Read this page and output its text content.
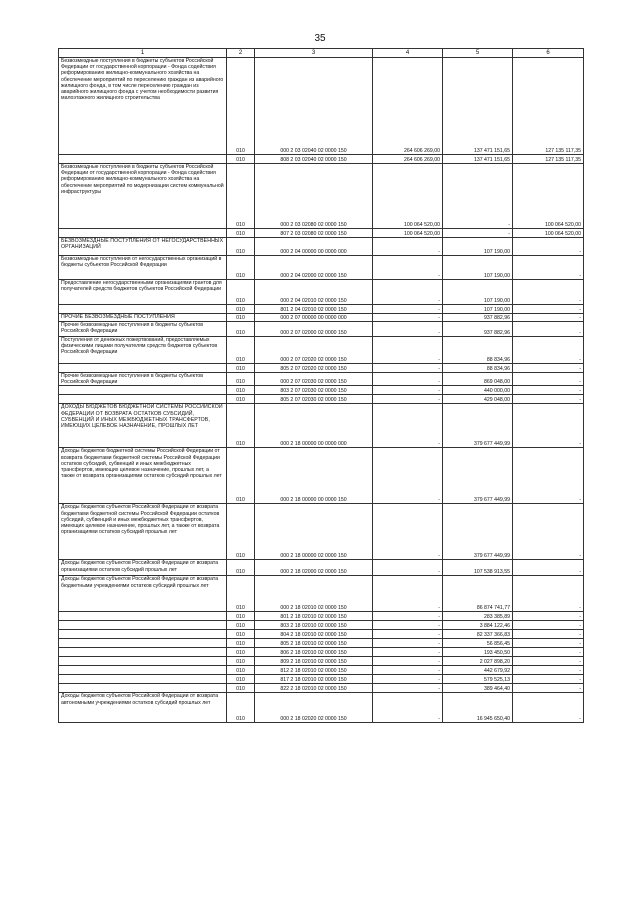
35
1	2	3	4	5	6
Безвозмездные поступления в бюджеты субъектов Российской Федерации от государственной корпорации - Фонда содействия реформированию жилищно-коммунального хозяйства на обеспечение мероприятий по переселению граждан из аварийного жилищного фонда, в том числе переселению граждан из аварийного жилищного фонда с учетом необходимости развития малоэтажного жилищного строительства	010	000 2 03 02040 02 0000 150	264 606 269,00	137 471 151,65	127 135 117,35
	010	808 2 03 02040 02 0000 150	264 606 269,00	137 471 151,65	127 135 117,35
Безвозмездные поступления в бюджеты субъектов Российской Федерации от государственной корпорации - Фонда содействия реформированию жилищно-коммунального хозяйства на обеспечение мероприятий по модернизации систем коммунальной инфраструктуры	010	000 2 03 02080 02 0000 150	100 064 520,00	-	100 064 520,00
	010	807 2 03 02080 02 0000 150	100 064 520,00	-	100 064 520,00
БЕЗВОЗМЕЗДНЫЕ ПОСТУПЛЕНИЯ ОТ НЕГОСУДАРСТВЕННЫХ ОРГАНИЗАЦИЙ	010	000 2 04 00000 00 0000 000	-	107 190,00	-
Безвозмездные поступления от негосударственных организаций в бюджеты субъектов Российской Федерации	010	000 2 04 02000 02 0000 150	-	107 190,00	-
Предоставление негосударственными организациями грантов для получателей средств бюджетов субъектов Российской Федерации	010	000 2 04 02010 02 0000 150	-	107 190,00	-
	010	801 2 04 02010 02 0000 150	-	107 190,00	-
ПРОЧИЕ БЕЗВОЗМЕЗДНЫЕ ПОСТУПЛЕНИЯ	010	000 2 07 00000 00 0000 000	-	937 882,96	-
Прочие безвозмездные поступления в бюджеты субъектов Российской Федерации	010	000 2 07 02000 02 0000 150	-	937 882,96	-
Поступления от денежных пожертвований, предоставляемых физическими лицами получателям средств бюджетов субъектов Российской Федерации	010	000 2 07 02020 02 0000 150	-	88 834,96	-
	010	805 2 07 02020 02 0000 150	-	88 834,96	-
Прочие безвозмездные поступления в бюджеты субъектов Российской Федерации	010	000 2 07 02030 02 0000 150	-	869 048,00	-
	010	803 2 07 02030 02 0000 150	-	440 000,00	-
	010	805 2 07 02030 02 0000 150	-	429 048,00	-
ДОХОДЫ БЮДЖЕТОВ БЮДЖЕТНОЙ СИСТЕМЫ РОССИЙСКОЙ ФЕДЕРАЦИИ ОТ ВОЗВРАТА ОСТАТКОВ СУБСИДИЙ, СУБВЕНЦИЙ И ИНЫХ МЕЖБЮДЖЕТНЫХ ТРАНСФЕРТОВ, ИМЕЮЩИХ ЦЕЛЕВОЕ НАЗНАЧЕНИЕ, ПРОШЛЫХ ЛЕТ	010	000 2 18 00000 00 0000 000	-	379 677 449,99	-
Доходы бюджетов бюджетной системы Российской Федерации от возврата бюджетами бюджетной системы Российской Федерации остатков субсидий, субвенций и иных межбюджетных трансфертов, имеющих целевое назначение, прошлых лет, а также от возврата организациями остатков субсидий прошлых лет	010	000 2 18 00000 00 0000 150	-	379 677 449,99	-
Доходы бюджетов субъектов Российской Федерации от возврата бюджетами бюджетной системы Российской Федерации остатков субсидий, субвенций и иных межбюджетных трансфертов, имеющих целевое назначение, прошлых лет, а также от возврата организациями остатков субсидий прошлых лет	010	000 2 18 00000 02 0000 150	-	379 677 449,99	-
Доходы бюджетов субъектов Российской Федерации от возврата организациями остатков субсидий прошлых лет	010	000 2 18 02000 02 0000 150	-	107 538 913,55	-
Доходы бюджетов субъектов Российской Федерации от возврата бюджетными учреждениями остатков субсидий прошлых лет	010	000 2 18 02010 02 0000 150	-	86 874 741,77	-
	010	801 2 18 02010 02 0000 150	-	283 385,89	-
	010	803 2 18 02010 02 0000 150	-	3 884 122,46	-
	010	804 2 18 02010 02 0000 150	-	82 337 366,83	-
	010	805 2 18 02010 02 0000 150	-	56 856,45	-
	010	806 2 18 02010 02 0000 150	-	193 450,50	-
	010	809 2 18 02010 02 0000 150	-	2 027 898,20	-
	010	812 2 18 02010 02 0000 150	-	442 679,92	-
	010	817 2 18 02010 02 0000 150	-	579 525,13	-
	010	822 2 18 02010 02 0000 150	-	389 464,40	-
Доходы бюджетов субъектов Российской Федерации от возврата автономными учреждениями остатков субсидий прошлых лет	010	000 2 18 02020 02 0000 150	-	16 945 650,40	-
